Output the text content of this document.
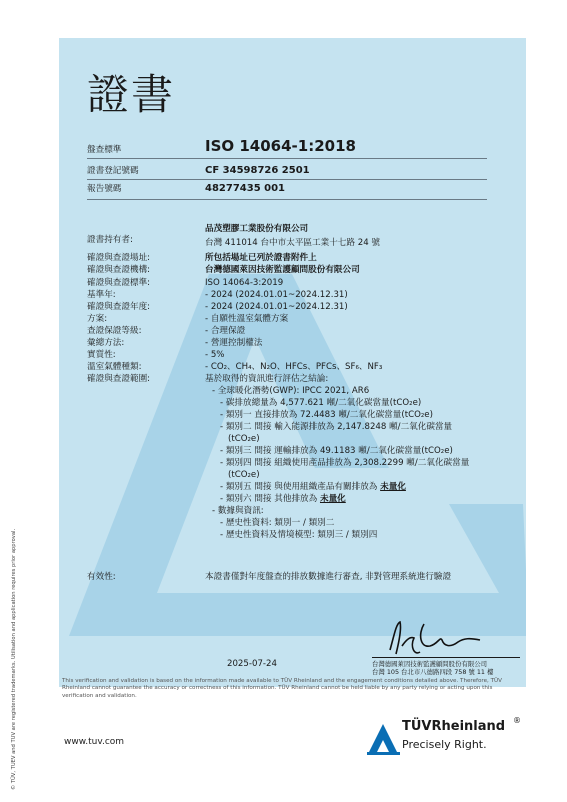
證書
盤查標準	ISO 14064-1:2018
證書登記號碼	CF 34598726 2501
報告號碼	48277435 001
證書持有者:
品茂塑膠工業股份有限公司
台灣 411014 台中市太平區工業十七路 24 號
確證與查證場址:	所包括場址已列於證書附件上
確證與查證機構:	台灣德國萊因技術監護顧問股份有限公司
確證與查證標準:	ISO 14064-3:2019
基準年:	- 2024 (2024.01.01~2024.12.31)
確證與查證年度:	- 2024 (2024.01.01~2024.12.31)
方案:	- 自願性溫室氣體方案
查證保證等級:	- 合理保證
彙總方法:	- 營運控制權法
實質性:	- 5%
溫室氣體種類:	- CO₂、CH₄、N₂O、HFCs、PFCs、SF₆、NF₃
確證與查證範圍:	基於取得的資訊進行評估之結論:
- 全球暖化潛勢(GWP): IPCC 2021, AR6
- 碳排放總量為 4,577.621 噸/二氧化碳當量(tCO₂e)
- 類別一 直接排放為 72.4483 噸/二氧化碳當量(tCO₂e)
- 類別二 間接 輸入能源排放為 2,147.8248 噸/二氧化碳當量
(tCO₂e)
- 類別三 間接 運輸排放為 49.1183 噸/二氧化碳當量(tCO₂e)
- 類別四 間接 組織使用產品排放為 2,308.2299 噸/二氧化碳當量
(tCO₂e)
- 類別五 間接 與使用組織產品有關排放為 未量化
- 類別六 間接 其他排放為 未量化
- 數據與資訊:
- 歷史性資料: 類別一 / 類別二
- 歷史性資料及情境模型: 類別三 / 類別四
有效性:	本證書僅對年度盤查的排放數據進行審查, 非對管理系統進行驗證
2025-07-24	台灣德國萊因技術監護顧問股份有限公司
台灣 105 台北市八德路四段 758 號 11 樓
This verification and validation is based on the information made available to TÜV Rheinland and the engagement conditions detailed above. Therefore, TÜV Rheinland cannot guarantee the accuracy or correctness of this information. TÜV Rheinland cannot be held liable by any party relying or acting upon this verification and validation.
© TÜV, TUEV and TUV are registered trademarks. Utilisation and application requires prior approval.	www.tuv.com
TÜVRheinland ®
Precisely Right.
